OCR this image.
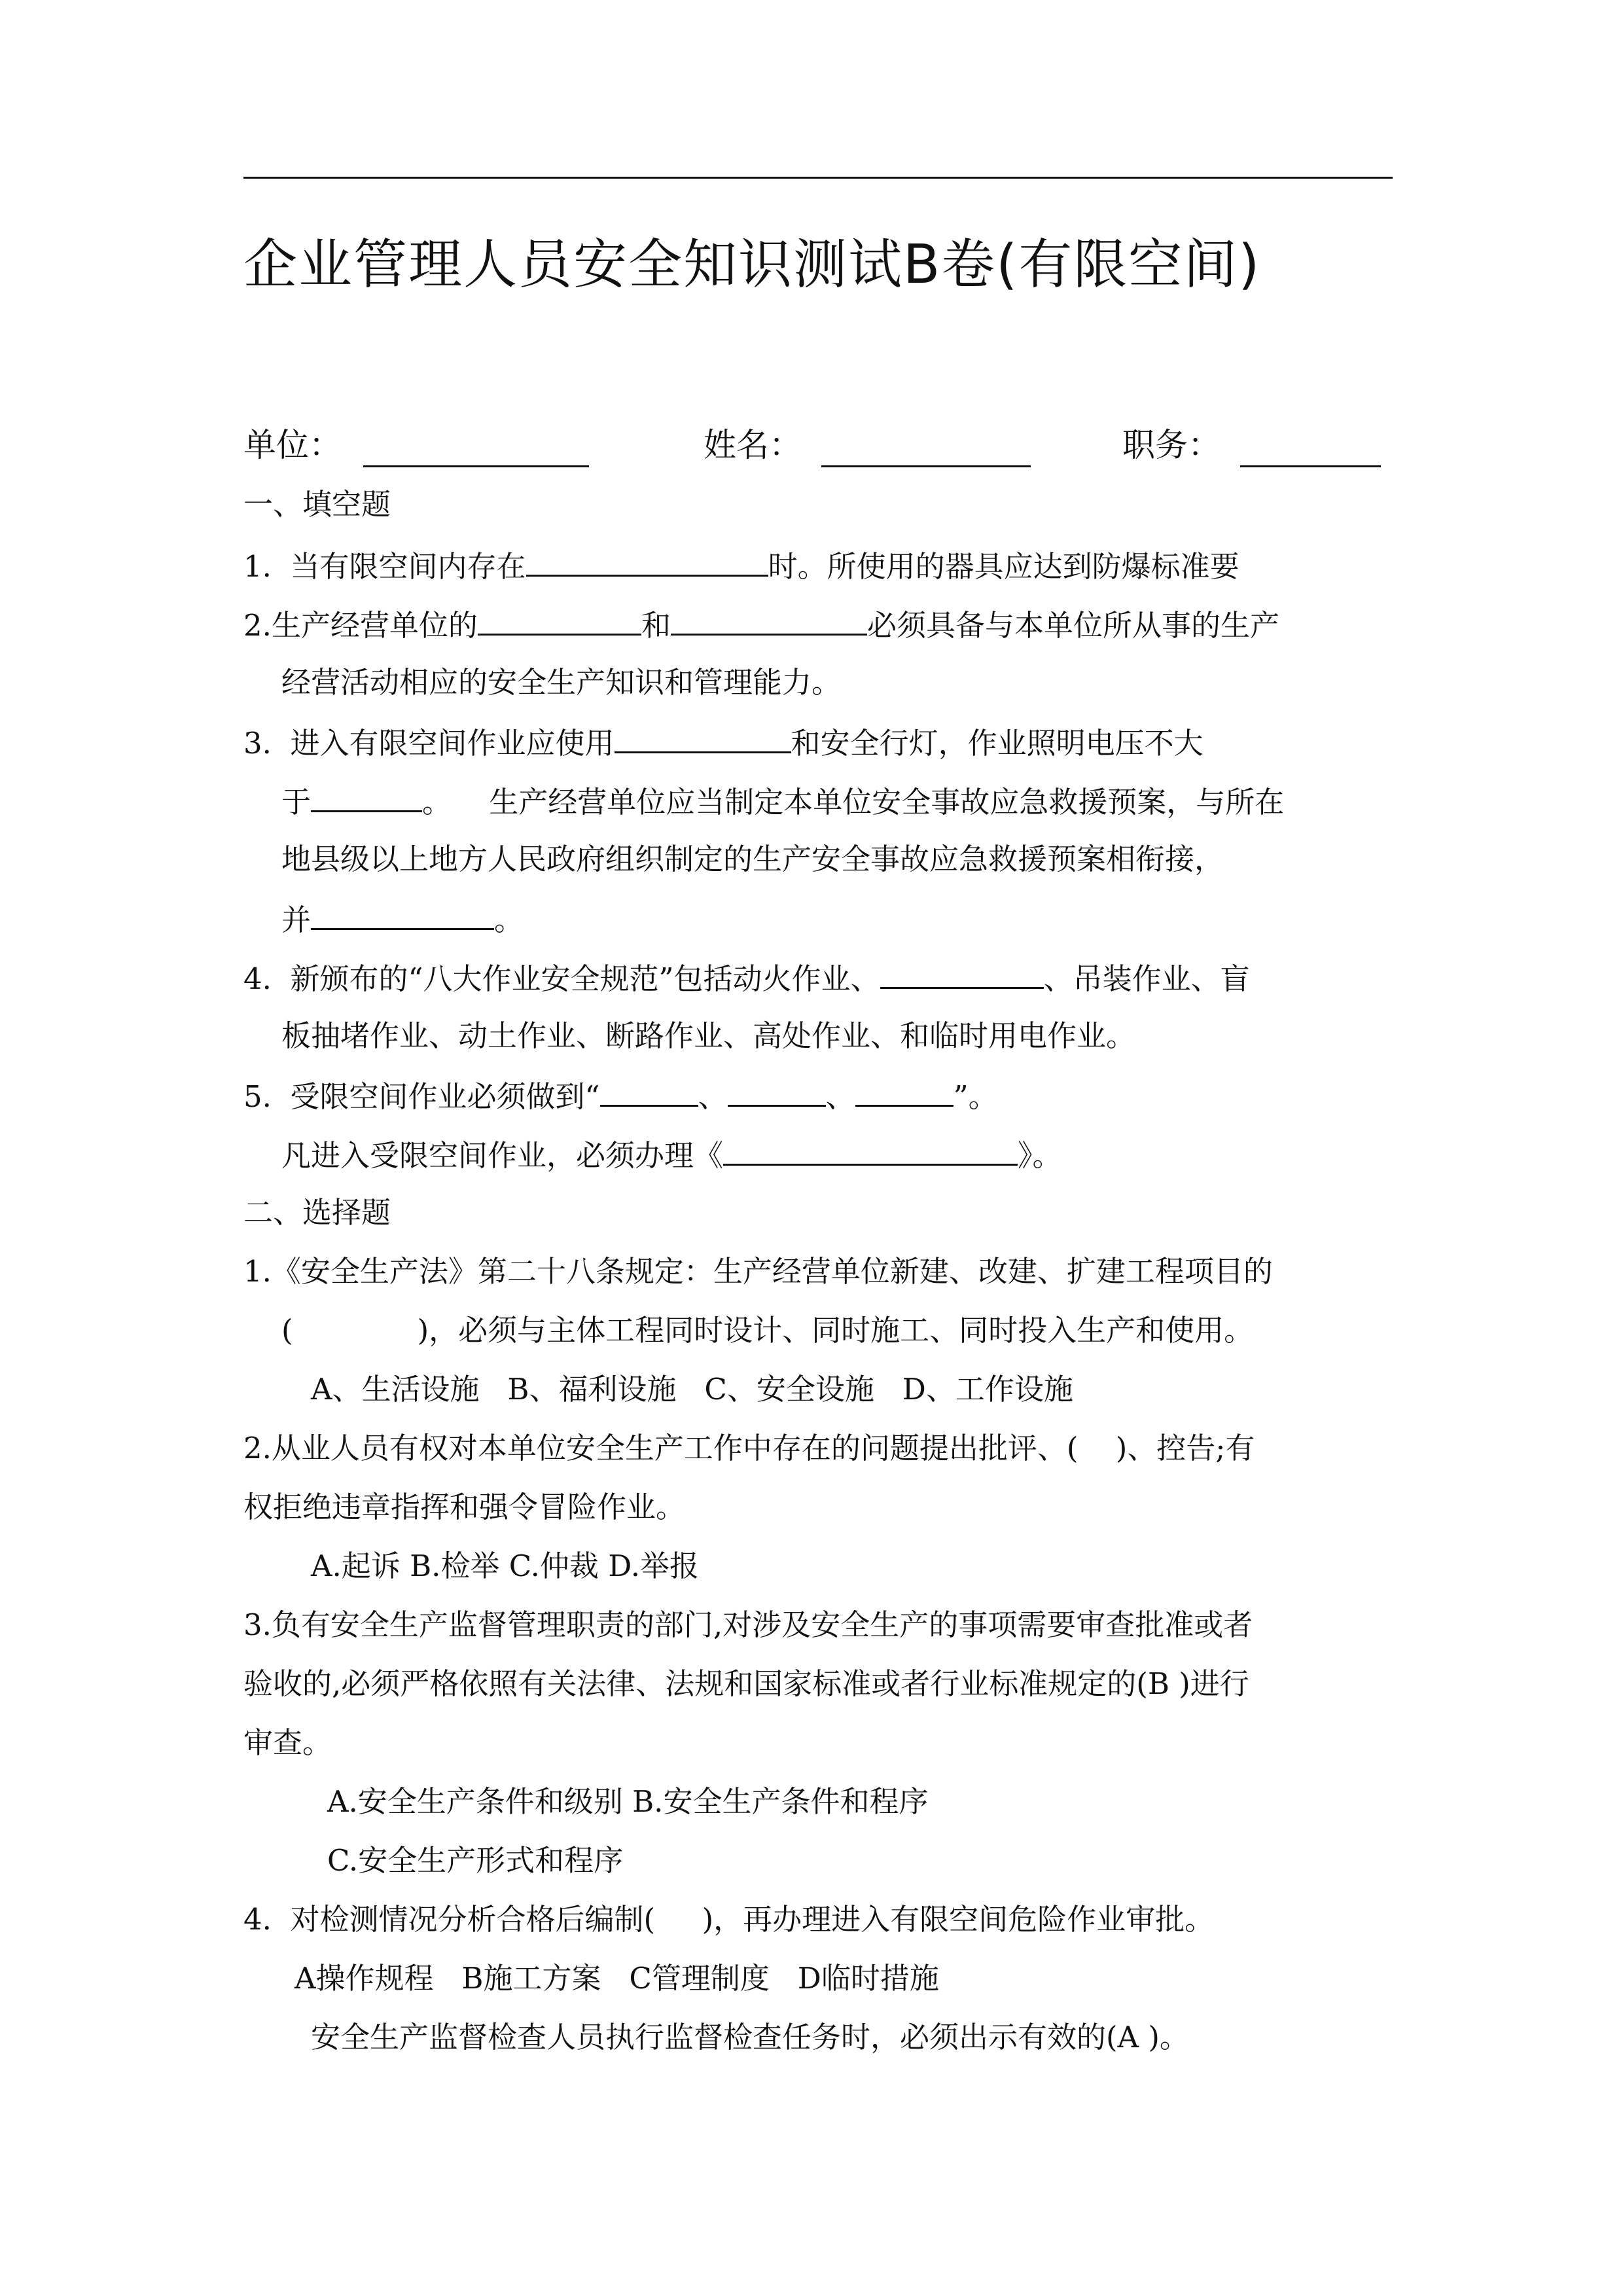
企业管理人员安全知识测试B卷(有限空间)
单位：	姓名：	职务：
一、填空题
1. 当有限空间内存在	时。所使用的器具应达到防爆标准要
2.生产经营单位的	和	必须具备与本单位所从事的生产
经营活动相应的安全生产知识和管理能力。
3. 进入有限空间作业应使用	和安全行灯，作业照明电压不大
于	。 生产经营单位应当制定本单位安全事故应急救援预案，与所在
地县级以上地方人民政府组织制定的生产安全事故应急救援预案相衔接，
并	。
4. 新颁布的“八大作业安全规范”包括动火作业、	、吊装作业、盲
板抽堵作业、动土作业、断路作业、高处作业、和临时用电作业。
5. 受限空间作业必须做到“	、	、	”。
凡进入受限空间作业，必须办理《	》。
二、选择题
1.《安全生产法》第二十八条规定：生产经营单位新建、改建、扩建工程项目的
(	)，必须与主体工程同时设计、同时施工、同时投入生产和使用。
A、生活设施 B、福利设施 C、安全设施 D、工作设施
2.从业人员有权对本单位安全生产工作中存在的问题提出批评、(    )、控告;有
权拒绝违章指挥和强令冒险作业。
A.起诉 B.检举 C.仲裁 D.举报
3.负有安全生产监督管理职责的部门,对涉及安全生产的事项需要审查批准或者
验收的,必须严格依照有关法律、法规和国家标准或者行业标准规定的(B )进行
审查。
A.安全生产条件和级别 B.安全生产条件和程序
C.安全生产形式和程序
4. 对检测情况分析合格后编制(     )，再办理进入有限空间危险作业审批。
A操作规程   B施工方案   C管理制度   D临时措施
安全生产监督检查人员执行监督检查任务时，必须出示有效的(A )。
